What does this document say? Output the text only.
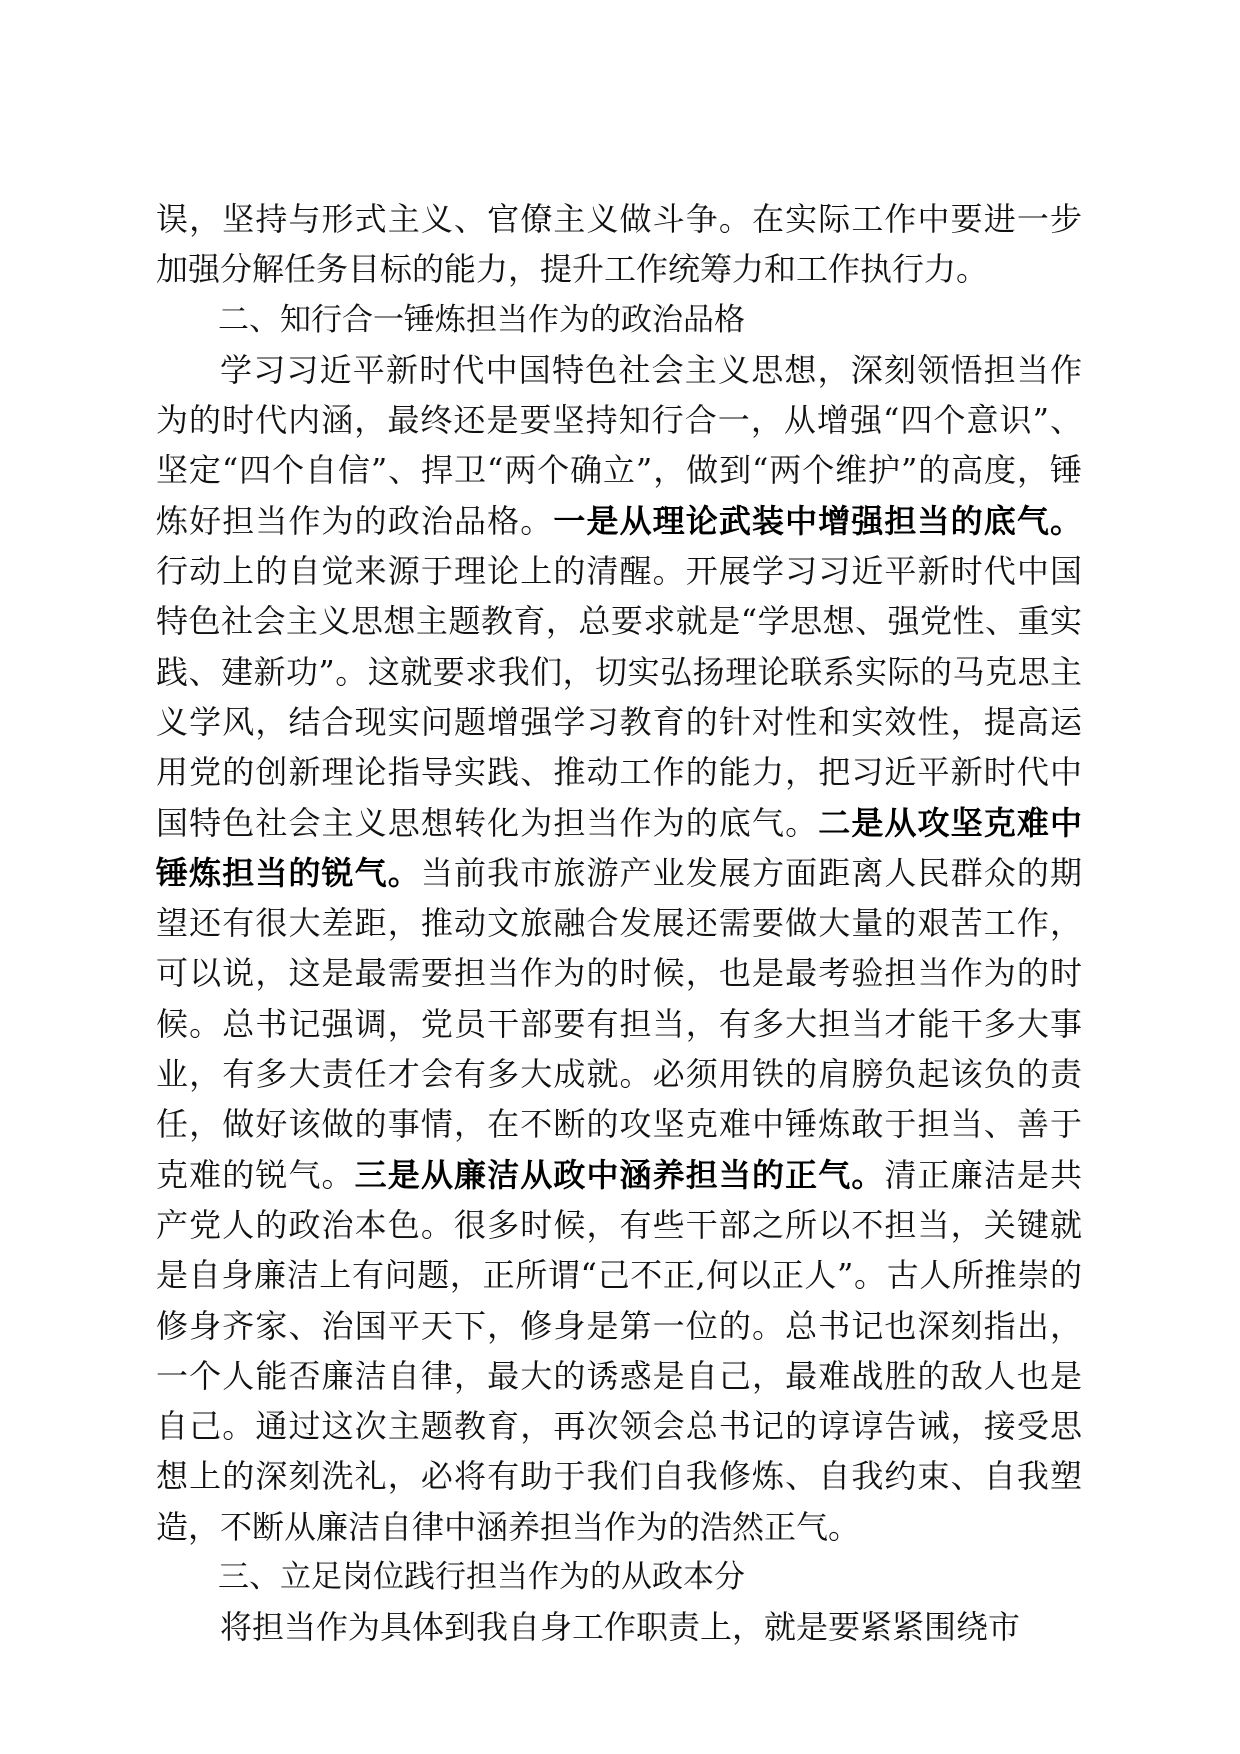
误，坚持与形式主义、官僚主义做斗争。在实际工作中要进一步加强分解任务目标的能力，提升工作统筹力和工作执行力。

二、知行合一锤炼担当作为的政治品格

学习习近平新时代中国特色社会主义思想，深刻领悟担当作为的时代内涵，最终还是要坚持知行合一，从增强“四个意识”、坚定“四个自信”、捍卫“两个确立”，做到“两个维护”的高度，锤炼好担当作为的政治品格。一是从理论武装中增强担当的底气。行动上的自觉来源于理论上的清醒。开展学习习近平新时代中国特色社会主义思想主题教育，总要求就是“学思想、强党性、重实践、建新功”。这就要求我们，切实弘扬理论联系实际的马克思主义学风，结合现实问题增强学习教育的针对性和实效性，提高运用党的创新理论指导实践、推动工作的能力，把习近平新时代中国特色社会主义思想转化为担当作为的底气。二是从攻坚克难中锤炼担当的锐气。当前我市旅游产业发展方面距离人民群众的期望还有很大差距，推动文旅融合发展还需要做大量的艰苦工作，可以说，这是最需要担当作为的时候，也是最考验担当作为的时候。总书记强调，党员干部要有担当，有多大担当才能干多大事业，有多大责任才会有多大成就。必须用铁的肩膀负起该负的责任，做好该做的事情，在不断的攻坚克难中锤炼敢于担当、善于克难的锐气。三是从廉洁从政中涵养担当的正气。清正廉洁是共产党人的政治本色。很多时候，有些干部之所以不担当，关键就是自身廉洁上有问题，正所谓“己不正,何以正人”。古人所推崇的修身齐家、治国平天下，修身是第一位的。总书记也深刻指出，一个人能否廉洁自律，最大的诱惑是自己，最难战胜的敌人也是自己。通过这次主题教育，再次领会总书记的谆谆告诫，接受思想上的深刻洗礼，必将有助于我们自我修炼、自我约束、自我塑造，不断从廉洁自律中涵养担当作为的浩然正气。

三、立足岗位践行担当作为的从政本分

将担当作为具体到我自身工作职责上，就是要紧紧围绕市
